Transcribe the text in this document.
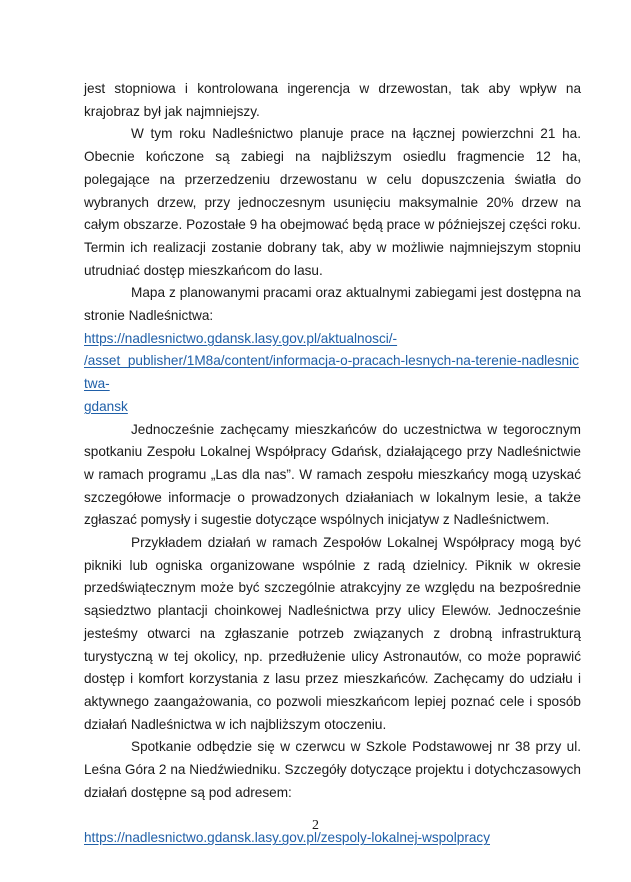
jest stopniowa i kontrolowana ingerencja w drzewostan, tak aby wpływ na krajobraz był jak najmniejszy.

W tym roku Nadleśnictwo planuje prace na łącznej powierzchni 21 ha. Obecnie kończone są zabiegi na najbliższym osiedlu fragmencie 12 ha, polegające na przerzedzeniu drzewostanu w celu dopuszczenia światła do wybranych drzew, przy jednoczesnym usunięciu maksymalnie 20% drzew na całym obszarze. Pozostałe 9 ha obejmować będą prace w późniejszej części roku. Termin ich realizacji zostanie dobrany tak, aby w możliwie najmniejszym stopniu utrudniać dostęp mieszkańcom do lasu.

Mapa z planowanymi pracami oraz aktualnymi zabiegami jest dostępna na stronie Nadleśnictwa:

https://nadlesnictwo.gdansk.lasy.gov.pl/aktualnosci/-
/asset_publisher/1M8a/content/informacja-o-pracach-lesnych-na-terenie-nadlesnictwa-
gdansk

Jednocześnie zachęcamy mieszkańców do uczestnictwa w tegorocznym spotkaniu Zespołu Lokalnej Współpracy Gdańsk, działającego przy Nadleśnictwie w ramach programu „Las dla nas”. W ramach zespołu mieszkańcy mogą uzyskać szczegółowe informacje o prowadzonych działaniach w lokalnym lesie, a także zgłaszać pomysły i sugestie dotyczące wspólnych inicjatyw z Nadleśnictwem.

Przykładem działań w ramach Zespołów Lokalnej Współpracy mogą być pikniki lub ogniska organizowane wspólnie z radą dzielnicy. Piknik w okresie przedświątecznym może być szczególnie atrakcyjny ze względu na bezpośrednie sąsiedztwo plantacji choinkowej Nadleśnictwa przy ulicy Elewów. Jednocześnie jesteśmy otwarci na zgłaszanie potrzeb związanych z drobną infrastrukturą turystyczną w tej okolicy, np. przedłużenie ulicy Astronautów, co może poprawić dostęp i komfort korzystania z lasu przez mieszkańców. Zachęcamy do udziału i aktywnego zaangażowania, co pozwoli mieszkańcom lepiej poznać cele i sposób działań Nadleśnictwa w ich najbliższym otoczeniu.

Spotkanie odbędzie się w czerwcu w Szkole Podstawowej nr 38 przy ul. Leśna Góra 2 na Niedźwiedniku. Szczegóły dotyczące projektu i dotychczasowych działań dostępne są pod adresem:

https://nadlesnictwo.gdansk.lasy.gov.pl/zespoly-lokalnej-wspolpracy

2
